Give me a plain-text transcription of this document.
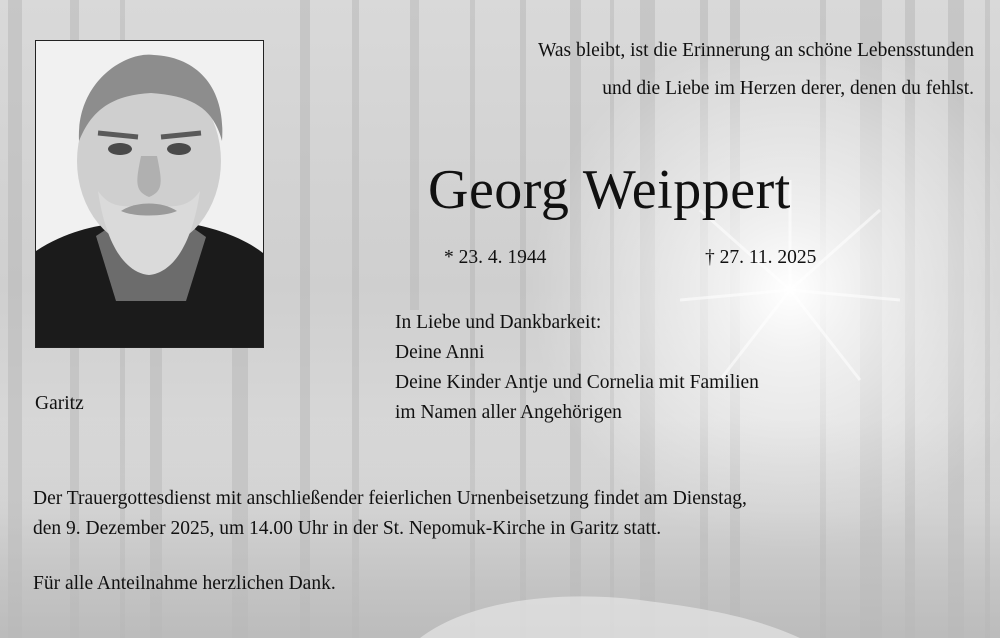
Was bleibt, ist die Erinnerung an schöne Lebensstunden
und die Liebe im Herzen derer, denen du fehlst.
Georg Weippert
* 23. 4. 1944	† 27. 11. 2025
In Liebe und Dankbarkeit:
Deine Anni
Deine Kinder Antje und Cornelia mit Familien
im Namen aller Angehörigen
Garitz
Der Trauergottesdienst mit anschließender feierlichen Urnenbeisetzung findet am Dienstag,
den 9. Dezember 2025, um 14.00 Uhr in der St. Nepomuk-Kirche in Garitz statt.
Für alle Anteilnahme herzlichen Dank.
